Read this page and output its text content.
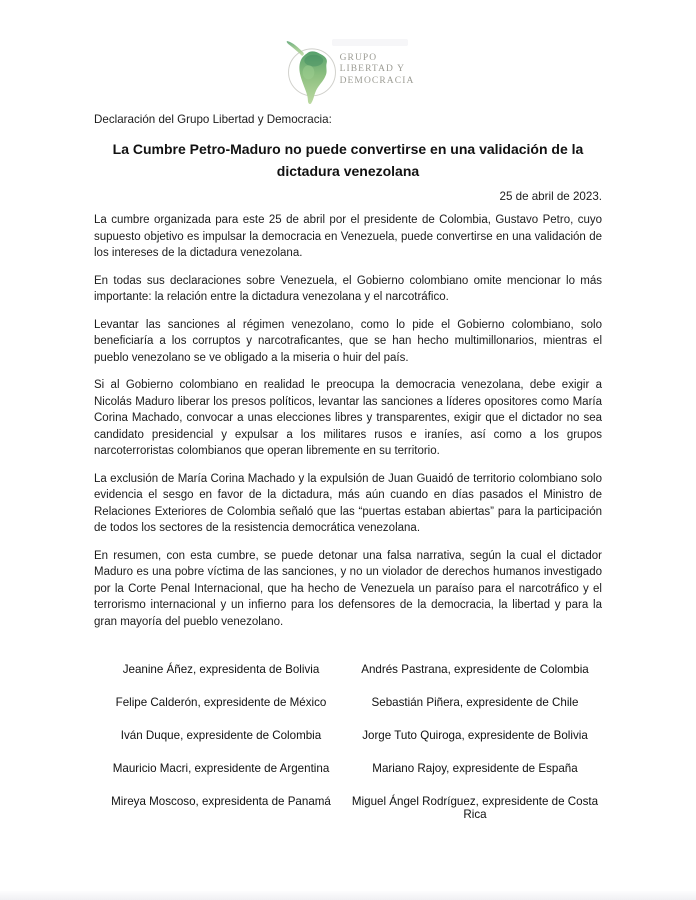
GRUPO
LIBERTAD Y
DEMOCRACIA
Declaración del Grupo Libertad y Democracia:
La Cumbre Petro-Maduro no puede convertirse en una validación de la dictadura venezolana
25 de abril de 2023.

La cumbre organizada para este 25 de abril por el presidente de Colombia, Gustavo Petro, cuyo supuesto objetivo es impulsar la democracia en Venezuela, puede convertirse en una validación de los intereses de la dictadura venezolana.

En todas sus declaraciones sobre Venezuela, el Gobierno colombiano omite mencionar lo más importante: la relación entre la dictadura venezolana y el narcotráfico.

Levantar las sanciones al régimen venezolano, como lo pide el Gobierno colombiano, solo beneficiaría a los corruptos y narcotraficantes, que se han hecho multimillonarios, mientras el pueblo venezolano se ve obligado a la miseria o huir del país.

Si al Gobierno colombiano en realidad le preocupa la democracia venezolana, debe exigir a Nicolás Maduro liberar los presos políticos, levantar las sanciones a líderes opositores como María Corina Machado, convocar a unas elecciones libres y transparentes, exigir que el dictador no sea candidato presidencial y expulsar a los militares rusos e iraníes, así como a los grupos narcoterroristas colombianos que operan libremente en su territorio.

La exclusión de María Corina Machado y la expulsión de Juan Guaidó de territorio colombiano solo evidencia el sesgo en favor de la dictadura, más aún cuando en días pasados el Ministro de Relaciones Exteriores de Colombia señaló que las “puertas estaban abiertas” para la participación de todos los sectores de la resistencia democrática venezolana.

En resumen, con esta cumbre, se puede detonar una falsa narrativa, según la cual el dictador Maduro es una pobre víctima de las sanciones, y no un violador de derechos humanos investigado por la Corte Penal Internacional, que ha hecho de Venezuela un paraíso para el narcotráfico y el terrorismo internacional y un infierno para los defensores de la democracia, la libertad y para la gran mayoría del pueblo venezolano.

Jeanine Áñez, expresidenta de Bolivia
Felipe Calderón, expresidente de México
Iván Duque, expresidente de Colombia
Mauricio Macri, expresidente de Argentina
Mireya Moscoso, expresidenta de Panamá
Andrés Pastrana, expresidente de Colombia
Sebastián Piñera, expresidente de Chile
Jorge Tuto Quiroga, expresidente de Bolivia
Mariano Rajoy, expresidente de España
Miguel Ángel Rodríguez, expresidente de Costa Rica
